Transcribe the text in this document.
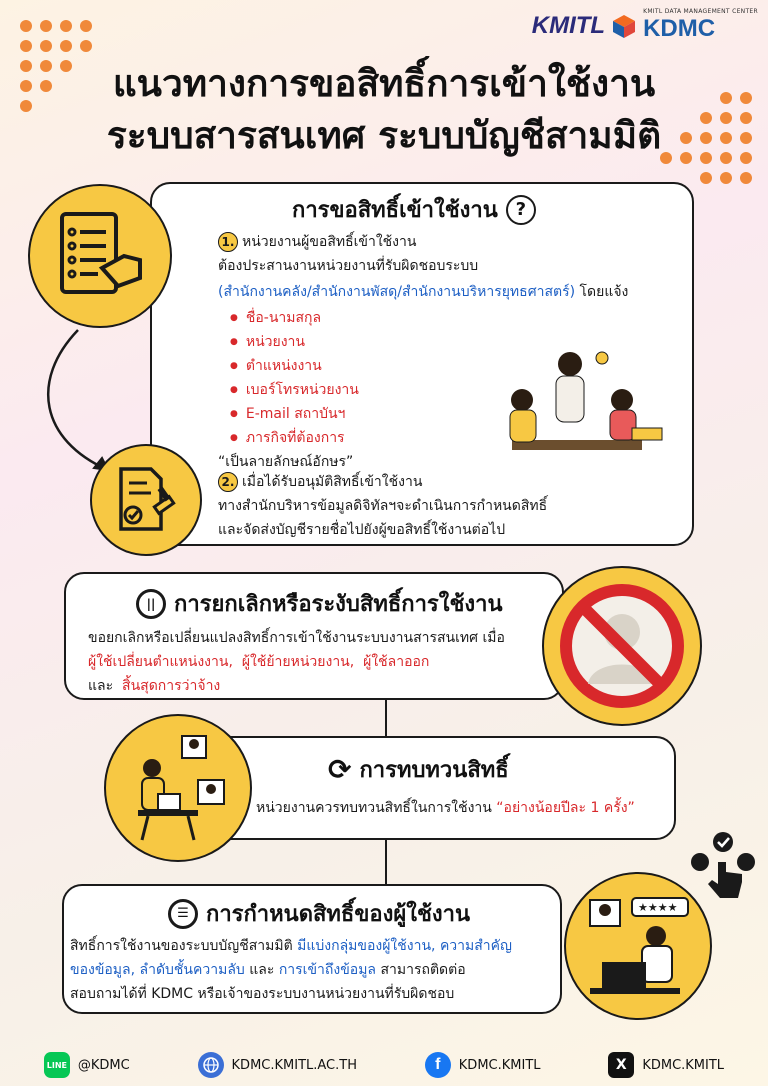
KMITL	KMITL DATA MANAGEMENT CENTER
KDMC
แนวทางการขอสิทธิ์การเข้าใช้งาน
ระบบสารสนเทศ ระบบบัญชีสามมิติ
การขอสิทธิ์เข้าใช้งาน ?
1. หน่วยงานผู้ขอสิทธิ์เข้าใช้งาน
ต้องประสานงานหน่วยงานที่รับผิดชอบระบบ
(สำนักงานคลัง/สำนักงานพัสดุ/สำนักงานบริหารยุทธศาสตร์) โดยแจ้ง
● ชื่อ-นามสกุล
● หน่วยงาน
● ตำแหน่งงาน
● เบอร์โทรหน่วยงาน
● E-mail สถาบันฯ
● ภารกิจที่ต้องการ
“เป็นลายลักษณ์อักษร”
2. เมื่อได้รับอนุมัติสิทธิ์เข้าใช้งาน
ทางสำนักบริหารข้อมูลดิจิทัลฯจะดำเนินการกำหนดสิทธิ์
และจัดส่งบัญชีรายชื่อไปยังผู้ขอสิทธิ์ใช้งานต่อไป
|| การยกเลิกหรือระงับสิทธิ์การใช้งาน
ขอยกเลิกหรือเปลี่ยนแปลงสิทธิ์การเข้าใช้งานระบบงานสารสนเทศ เมื่อ
ผู้ใช้เปลี่ยนตำแหน่งงาน, ผู้ใช้ย้ายหน่วยงาน, ผู้ใช้ลาออก
และ สิ้นสุดการว่าจ้าง
⟳ การทบทวนสิทธิ์
หน่วยงานควรทบทวนสิทธิ์ในการใช้งาน “อย่างน้อยปีละ 1 ครั้ง”
☰ การกำหนดสิทธิ์ของผู้ใช้งาน
สิทธิ์การใช้งานของระบบบัญชีสามมิติ มีแบ่งกลุ่มของผู้ใช้งาน, ความสำคัญ
ของข้อมูล, ลำดับชั้นความลับ และ การเข้าถึงข้อมูล สามารถติดต่อ
สอบถามได้ที่ KDMC หรือเจ้าของระบบงานหน่วยงานที่รับผิดชอบ
★★★★
LINE @KDMC	KDMC.KMITL.AC.TH	f	KDMC.KMITL	X	KDMC.KMITL
